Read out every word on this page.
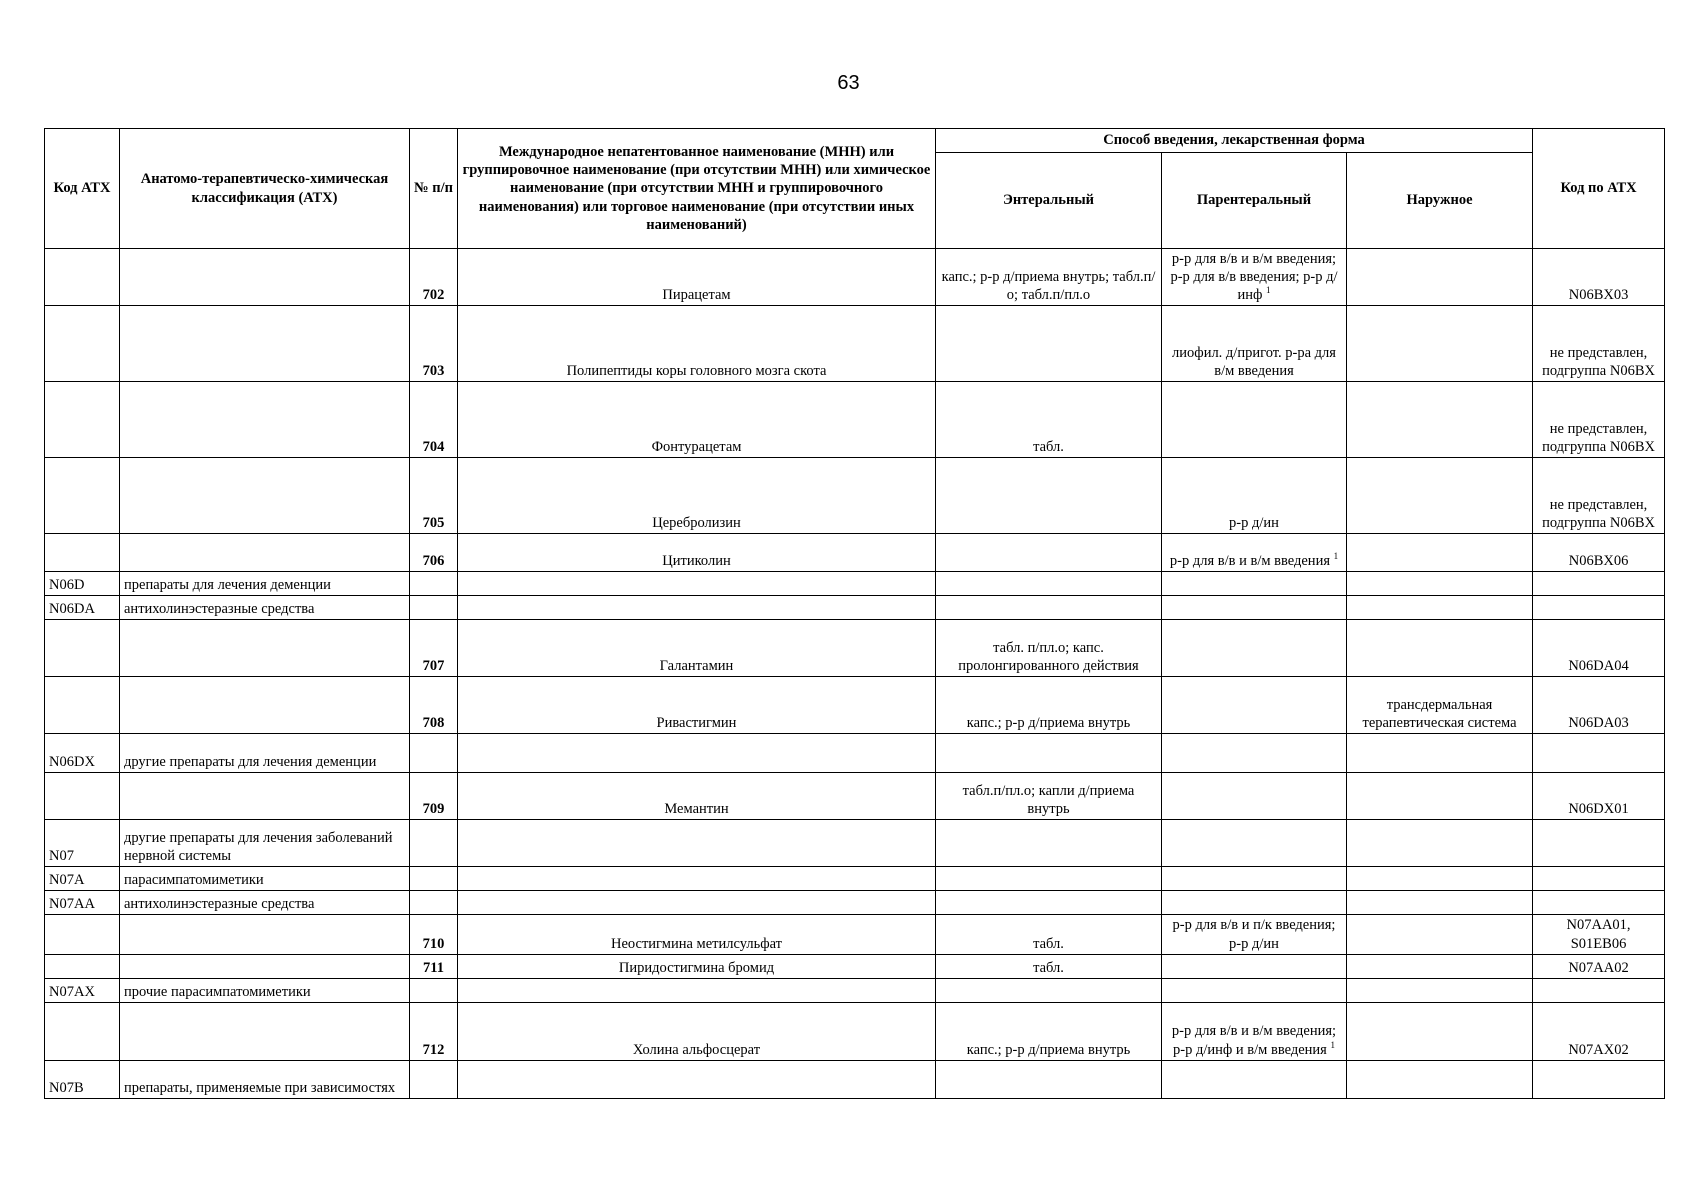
63
Код АТХ	Анатомо-терапевтическо-химическая классификация (АТХ)	№ п/п	Международное непатентованное наименование (МНН) или группировочное наименование (при отсутствии МНН) или химическое наименование (при отсутствии МНН и группировочного наименования) или торговое наименование (при отсутствии иных наименований)	Способ введения, лекарственная форма			Код по АТХ
				Энтеральный	Парентеральный	Наружное	
		702	Пирацетам	капс.; р-р д/приема внутрь; табл.п/о; табл.п/пл.о	р-р для в/в и в/м введения; р-р для в/в введения; р-р д/инф $^1$		N06BX03
		703	Полипептиды коры головного мозга скота		лиофил. д/пригот. р-ра для в/м введения		не представлен, подгруппа N06BX
		704	Фонтурацетам	табл.			не представлен, подгруппа N06BX
		705	Церебролизин		р-р д/ин		не представлен, подгруппа N06BX
		706	Цитиколин		р-р для в/в и в/м введения $^1$		N06BX06
N06D	препараты для лечения деменции						
N06DA	антихолинэстеразные средства						
		707	Галантамин	табл. п/пл.о; капс. пролонгированного действия			N06DA04
		708	Ривастигмин	капс.; р-р д/приема внутрь		трансдермальная терапевтическая система	N06DA03
N06DX	другие препараты для лечения деменции						
		709	Мемантин	табл.п/пл.о; капли д/приема внутрь			N06DX01
N07	другие препараты для лечения заболеваний нервной системы						
N07A	парасимпатомиметики						
N07AA	антихолинэстеразные средства						
		710	Неостигмина метилсульфат	табл.	р-р для в/в и п/к введения; р-р д/ин		N07AA01, S01EB06
		711	Пиридостигмина бромид	табл.			N07AA02
N07AX	прочие парасимпатомиметики						
		712	Холина альфосцерат	капс.; р-р д/приема внутрь	р-р для в/в и в/м введения; р-р д/инф и в/м введения $^1$		N07AX02
N07B	препараты, применяемые при зависимостях						
